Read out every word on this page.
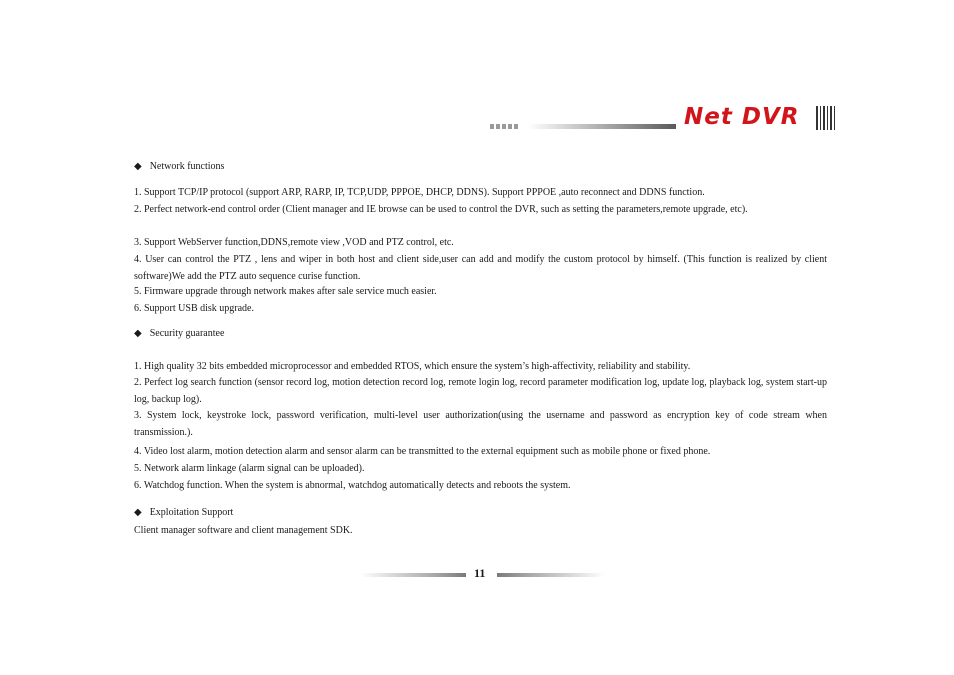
Net DVR
◆ Network functions

1. Support TCP/IP protocol (support ARP, RARP, IP, TCP,UDP, PPPOE, DHCP, DDNS). Support PPPOE ,auto reconnect and DDNS function.

2. Perfect network-end control order (Client manager and IE browse can be used to control the DVR, such as setting the parameters,remote upgrade, etc).

3. Support WebServer function,DDNS,remote view ,VOD and PTZ control, etc.

4. User can control the PTZ , lens and wiper in both host and client side,user can add and modify the custom protocol by himself. (This function is realized by client software)We add the PTZ auto sequence curise function.

5. Firmware upgrade through network makes after sale service much easier.

6. Support USB disk upgrade.

◆ Security guarantee

1. High quality 32 bits embedded microprocessor and embedded RTOS, which ensure the system’s high-affectivity, reliability and stability.

2. Perfect log search function (sensor record log, motion detection record log, remote login log, record parameter modification log, update log, playback log, system start-up log, backup log).

3. System lock, keystroke lock, password verification, multi-level user authorization(using the username and password as encryption key of code stream when transmission.).

4. Video lost alarm, motion detection alarm and sensor alarm can be transmitted to the external equipment such as mobile phone or fixed phone.

5. Network alarm linkage (alarm signal can be uploaded).

6. Watchdog function. When the system is abnormal, watchdog automatically detects and reboots the system.

◆ Exploitation Support

Client manager software and client management SDK.

11
